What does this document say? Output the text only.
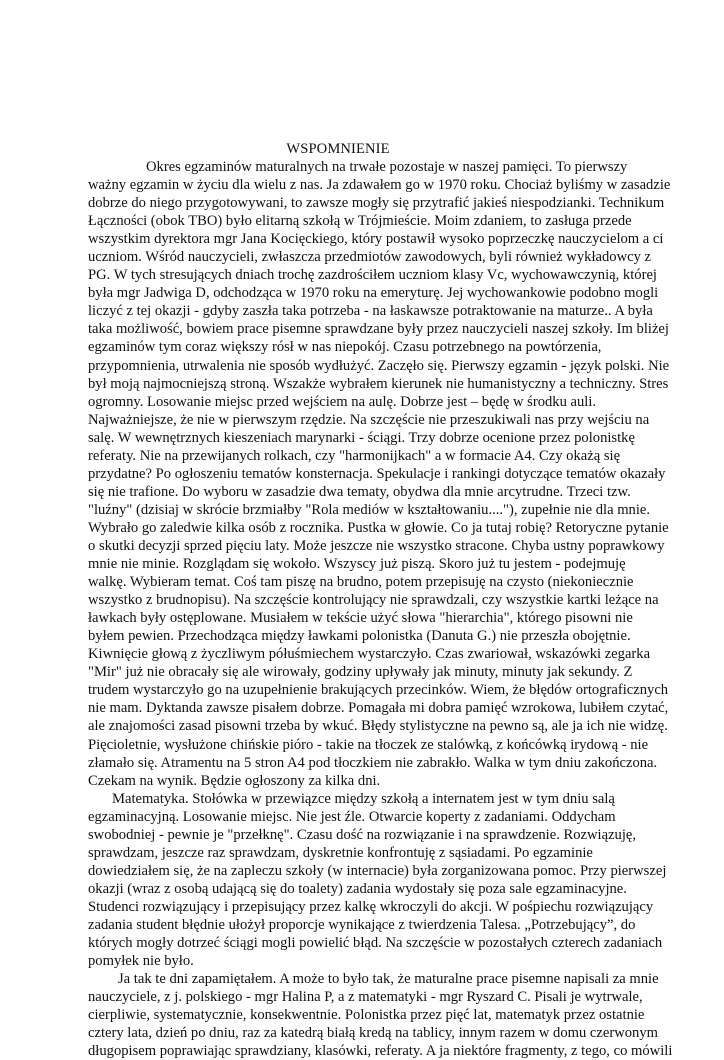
WSPOMNIENIE
Okres egzaminów maturalnych na trwałe pozostaje w naszej pamięci. To pierwszy
ważny egzamin w życiu dla wielu z nas. Ja zdawałem go w 1970 roku. Chociaż byliśmy w zasadzie
dobrze do niego przygotowywani, to zawsze mogły się przytrafić jakieś niespodzianki. Technikum
Łączności (obok TBO) było elitarną szkołą w Trójmieście. Moim zdaniem, to zasługa przede
wszystkim dyrektora mgr Jana Kocięckiego, który postawił wysoko poprzeczkę nauczycielom a ci
uczniom. Wśród nauczycieli, zwłaszcza przedmiotów zawodowych, byli również wykładowcy z
PG. W tych stresujących dniach trochę zazdrościłem uczniom klasy Vc, wychowawczynią, której
była mgr Jadwiga D, odchodząca w 1970 roku na emeryturę. Jej wychowankowie podobno mogli
liczyć z tej okazji - gdyby zaszła taka potrzeba - na łaskawsze potraktowanie na maturze.. A była
taka możliwość, bowiem prace pisemne sprawdzane były przez nauczycieli naszej szkoły. Im bliżej
egzaminów tym coraz większy rósł w nas niepokój. Czasu potrzebnego na powtórzenia,
przypomnienia, utrwalenia nie sposób wydłużyć. Zaczęło się. Pierwszy egzamin - język polski. Nie
był moją najmocniejszą stroną. Wszakże wybrałem kierunek nie humanistyczny a techniczny. Stres
ogromny. Losowanie miejsc przed wejściem na aulę. Dobrze jest – będę w środku auli.
Najważniejsze, że nie w pierwszym rzędzie. Na szczęście nie przeszukiwali nas przy wejściu na
salę. W wewnętrznych kieszeniach marynarki - ściągi. Trzy dobrze ocenione przez polonistkę
referaty. Nie na przewijanych rolkach, czy "harmonijkach" a w formacie A4. Czy okażą się
przydatne? Po ogłoszeniu tematów konsternacja. Spekulacje i rankingi dotyczące tematów okazały
się nie trafione. Do wyboru w zasadzie dwa tematy, obydwa dla mnie arcytrudne. Trzeci tzw.
"luźny" (dzisiaj w skrócie brzmiałby "Rola mediów w kształtowaniu...."), zupełnie nie dla mnie.
Wybrało go zaledwie kilka osób z rocznika. Pustka w głowie. Co ja tutaj robię? Retoryczne pytanie
o skutki decyzji sprzed pięciu laty. Może jeszcze nie wszystko stracone. Chyba ustny poprawkowy
mnie nie minie. Rozglądam się wokoło. Wszyscy już piszą. Skoro już tu jestem - podejmuję
walkę. Wybieram temat. Coś tam piszę na brudno, potem przepisuję na czysto (niekoniecznie
wszystko z brudnopisu). Na szczęście kontrolujący nie sprawdzali, czy wszystkie kartki leżące na
ławkach były ostęplowane. Musiałem w tekście użyć słowa "hierarchia", którego pisowni nie
byłem pewien. Przechodząca między ławkami polonistka (Danuta G.) nie przeszła obojętnie.
Kiwnięcie głową z życzliwym półuśmiechem wystarczyło. Czas zwariował, wskazówki zegarka
"Mir" już nie obracały się ale wirowały, godziny upływały jak minuty, minuty jak sekundy. Z
trudem wystarczyło go na uzupełnienie brakujących przecinków. Wiem, że błędów ortograficznych
nie mam. Dyktanda zawsze pisałem dobrze. Pomagała mi dobra pamięć wzrokowa, lubiłem czytać,
ale znajomości zasad pisowni trzeba by wkuć. Błędy stylistyczne na pewno są, ale ja ich nie widzę.
Pięcioletnie, wysłużone chińskie pióro - takie na tłoczek ze stalówką, z końcówką irydową - nie
złamało się. Atramentu na 5 stron A4 pod tłoczkiem nie zabrakło. Walka w tym dniu zakończona.
Czekam na wynik. Będzie ogłoszony za kilka dni.
Matematyka. Stołówka w przewiązce między szkołą a internatem jest w tym dniu salą
egzaminacyjną. Losowanie miejsc. Nie jest źle. Otwarcie koperty z zadaniami. Oddycham
swobodniej - pewnie je "przełknę". Czasu dość na rozwiązanie i na sprawdzenie. Rozwiązuję,
sprawdzam, jeszcze raz sprawdzam, dyskretnie konfrontuję z sąsiadami. Po egzaminie
dowiedziałem się, że na zapleczu szkoły (w internacie) była zorganizowana pomoc. Przy pierwszej
okazji (wraz z osobą udającą się do toalety) zadania wydostały się poza sale egzaminacyjne.
Studenci rozwiązujący i przepisujący przez kalkę wkroczyli do akcji. W pośpiechu rozwiązujący
zadania student błędnie ułożył proporcje wynikające z twierdzenia Talesa. „Potrzebujący”, do
których mogły dotrzeć ściągi mogli powielić błąd. Na szczęście w pozostałych czterech zadaniach
pomyłek nie było.
Ja tak te dni zapamiętałem. A może to było tak, że maturalne prace pisemne napisali za mnie
nauczyciele, z j. polskiego - mgr Halina P, a z matematyki - mgr Ryszard C. Pisali je wytrwale,
cierpliwie, systematycznie, konsekwentnie. Polonistka przez pięć lat, matematyk przez ostatnie
cztery lata, dzień po dniu, raz za katedrą białą kredą na tablicy, innym razem w domu czerwonym
długopisem poprawiając sprawdziany, klasówki, referaty. A ja niektóre fragmenty, z tego, co mówili
